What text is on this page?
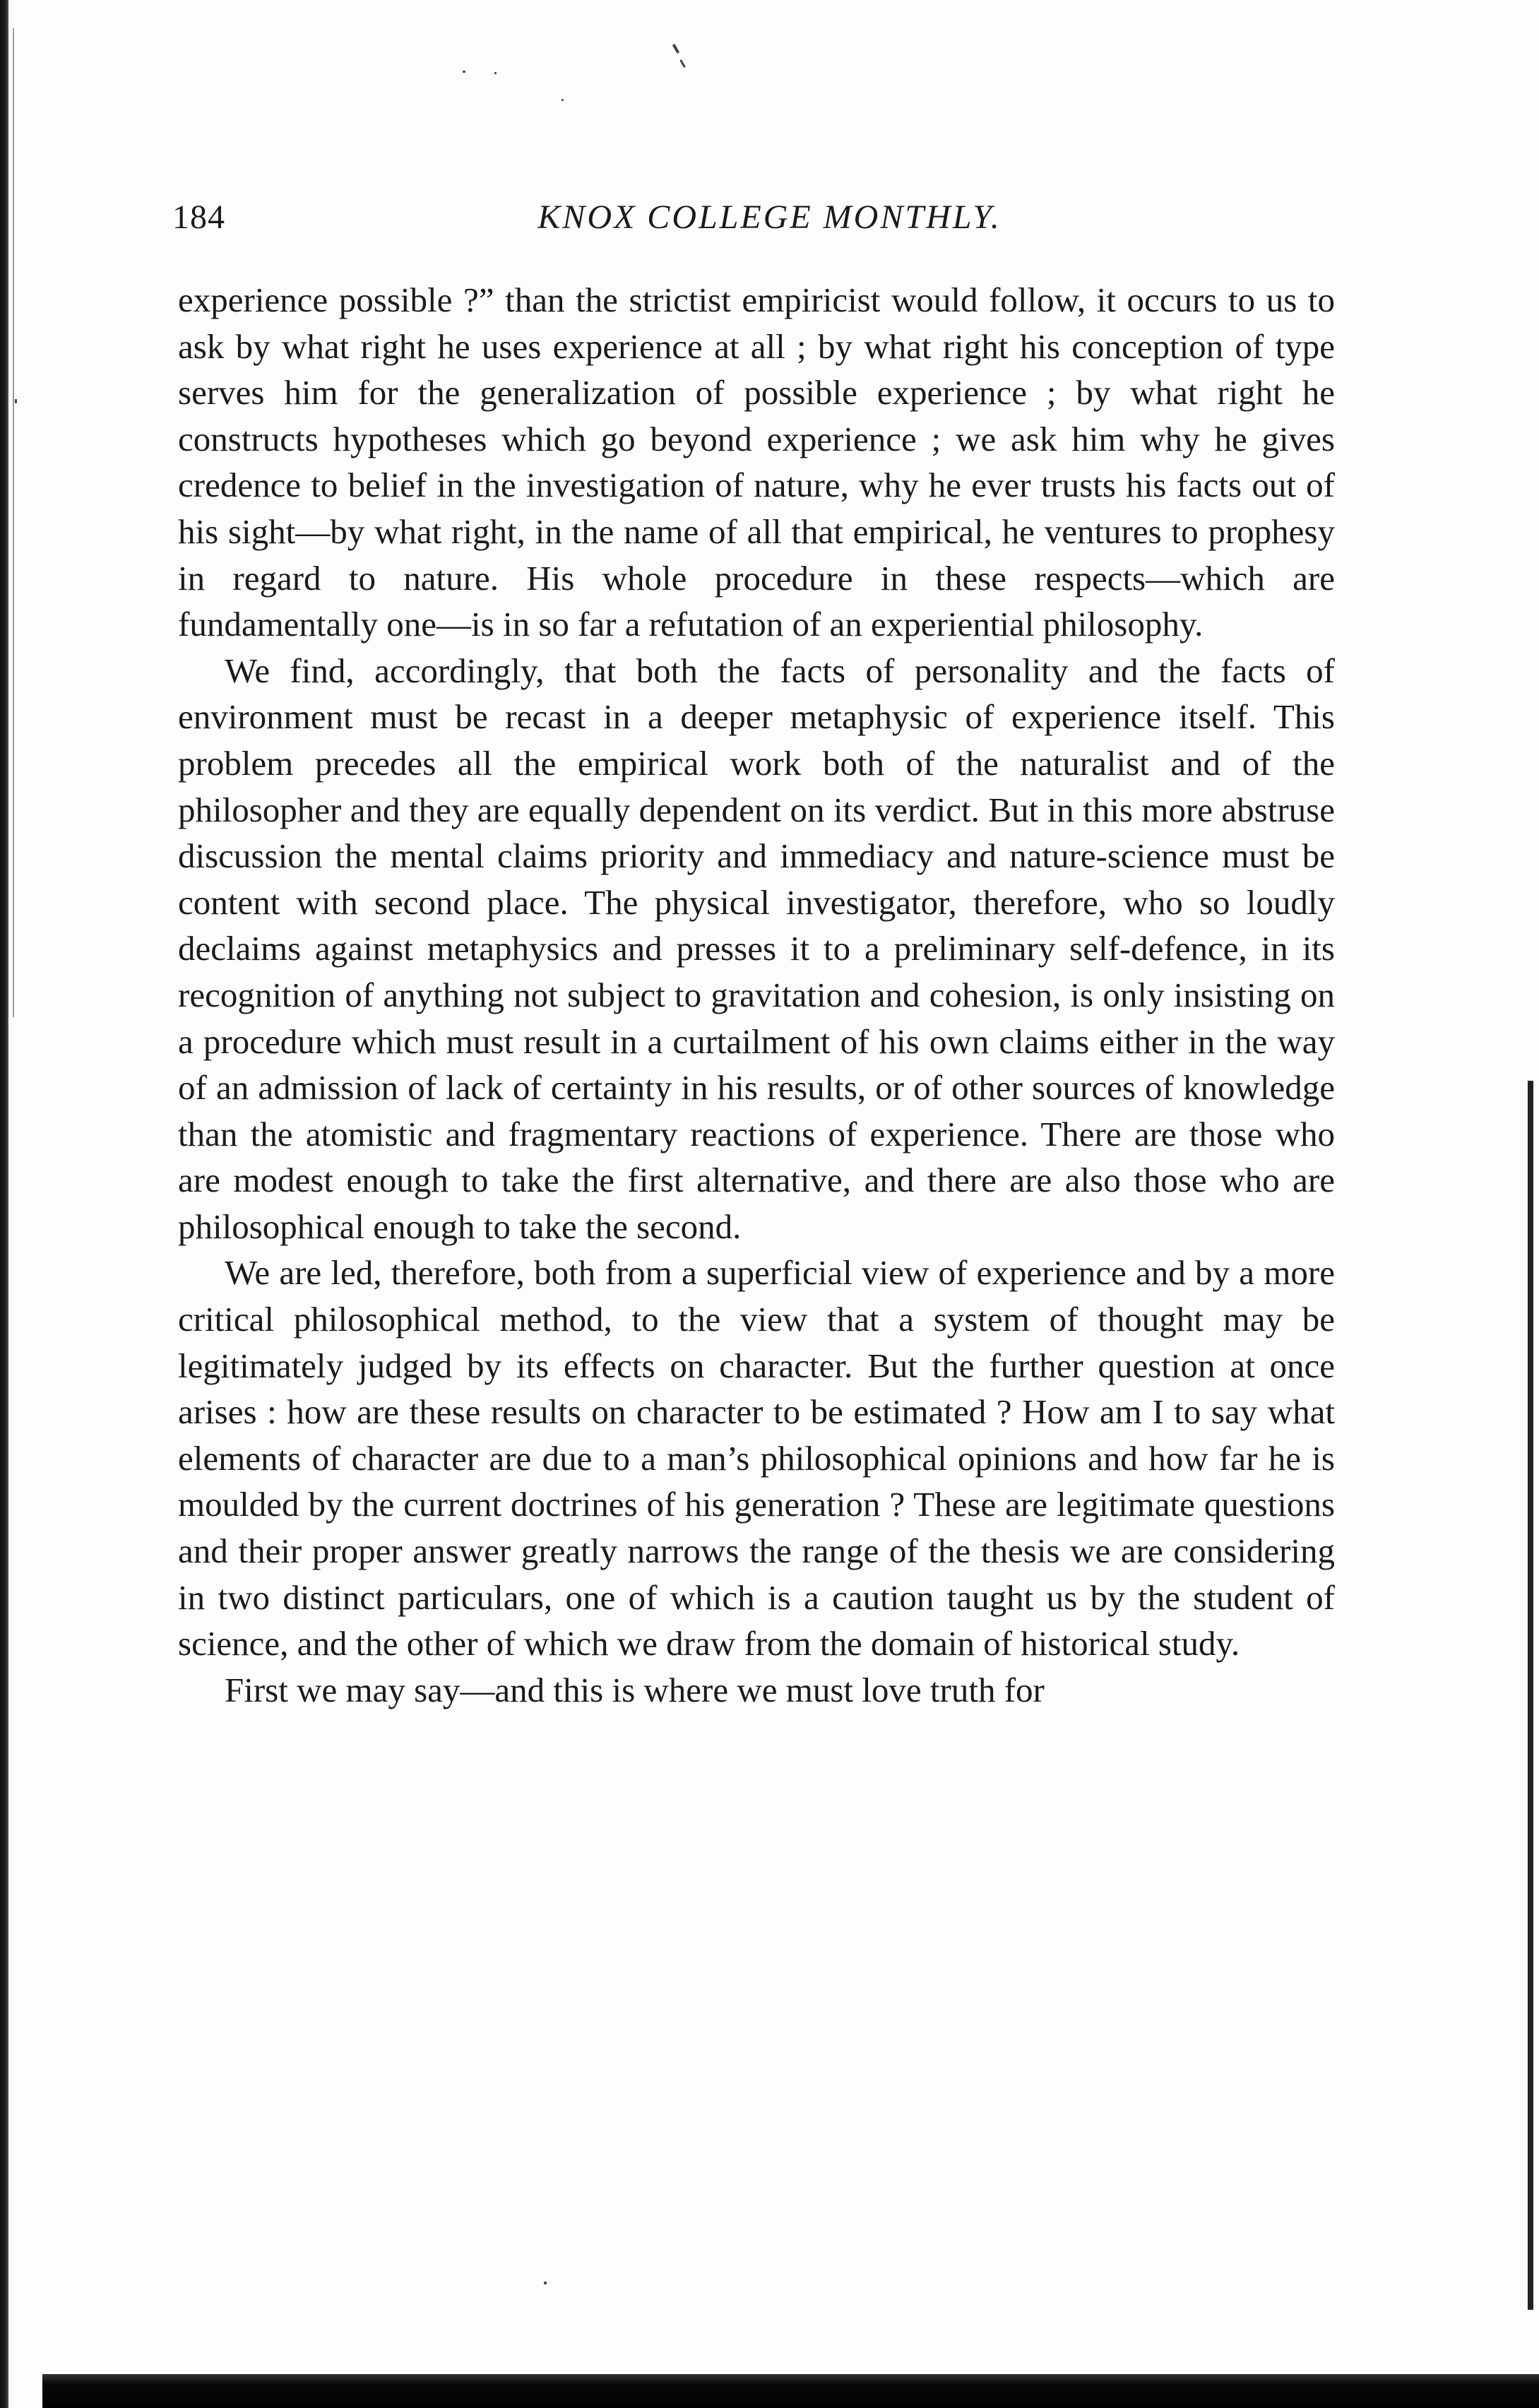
184	KNOX COLLEGE MONTHLY.

experience possible ?” than the strictist empiricist would follow, it occurs to us to ask by what right he uses experience at all ; by what right his conception of type serves him for the generalization of possible experience ; by what right he constructs hypotheses which go beyond experience ; we ask him why he gives credence to belief in the investigation of nature, why he ever trusts his facts out of his sight—by what right, in the name of all that empirical, he ventures to prophesy in regard to nature. His whole procedure in these respects—which are fundamentally one—is in so far a refutation of an experiential philosophy.

We find, accordingly, that both the facts of personality and the facts of environment must be recast in a deeper metaphysic of experience itself. This problem precedes all the empirical work both of the naturalist and of the philosopher and they are equally dependent on its verdict. But in this more abstruse discussion the mental claims priority and immediacy and nature-science must be content with second place. The physical investigator, therefore, who so loudly declaims against metaphysics and presses it to a preliminary self-defence, in its recognition of anything not subject to gravitation and cohesion, is only insisting on a procedure which must result in a curtailment of his own claims either in the way of an admission of lack of certainty in his results, or of other sources of knowledge than the atomistic and fragmentary reactions of experience. There are those who are modest enough to take the first alternative, and there are also those who are philosophical enough to take the second.

We are led, therefore, both from a superficial view of experience and by a more critical philosophical method, to the view that a system of thought may be legitimately judged by its effects on character. But the further question at once arises : how are these results on character to be estimated ? How am I to say what elements of character are due to a man’s philosophical opinions and how far he is moulded by the current doctrines of his generation ? These are legitimate questions and their proper answer greatly narrows the range of the thesis we are considering in two distinct particulars, one of which is a caution taught us by the student of science, and the other of which we draw from the domain of historical study.

First we may say—and this is where we must love truth for
